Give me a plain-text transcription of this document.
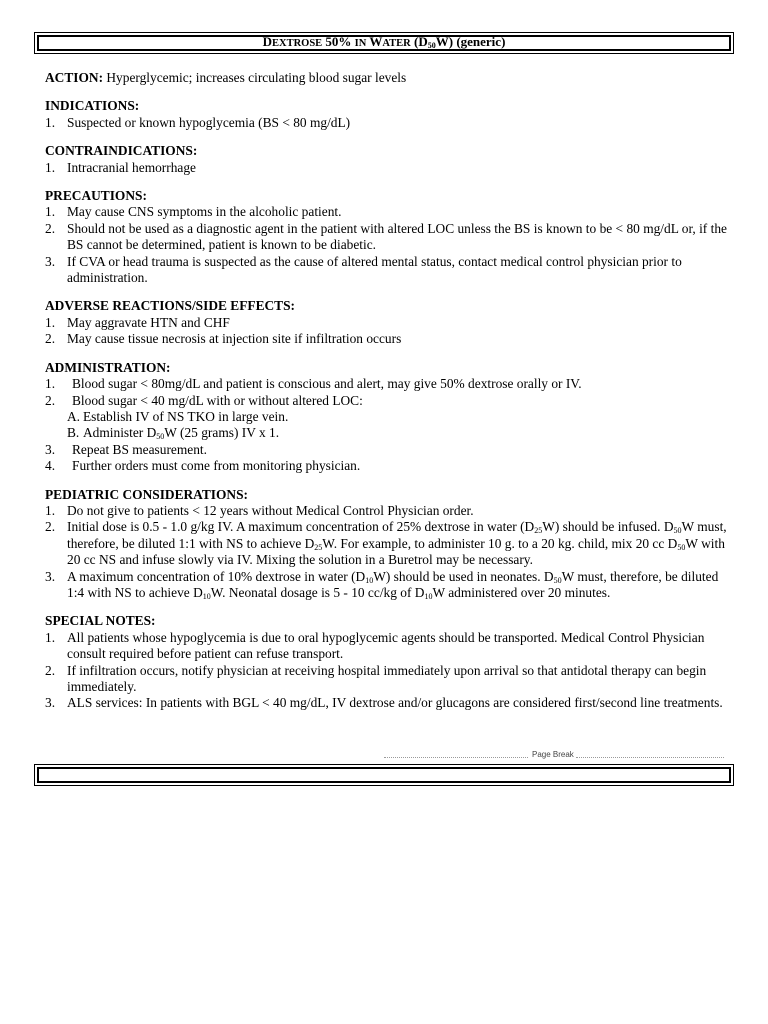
DEXTROSE 50% IN WATER $(D_{50}W)$ (generic)
ACTION: Hyperglycemic; increases circulating blood sugar levels
INDICATIONS:
1. Suspected or known hypoglycemia (BS < 80 mg/dL)
CONTRAINDICATIONS:
1. Intracranial hemorrhage
PRECAUTIONS:
1. May cause CNS symptoms in the alcoholic patient.
2. Should not be used as a diagnostic agent in the patient with altered LOC unless the BS is known to be < 80 mg/dL or, if the BS cannot be determined, patient is known to be diabetic.
3. If CVA or head trauma is suspected as the cause of altered mental status, contact medical control physician prior to administration.
ADVERSE REACTIONS/SIDE EFFECTS:
1. May aggravate HTN and CHF
2. May cause tissue necrosis at injection site if infiltration occurs
ADMINISTRATION:
1. Blood sugar < 80mg/dL and patient is conscious and alert, may give 50% dextrose orally or IV.
2. Blood sugar < 40 mg/dL with or without altered LOC:
A. Establish IV of NS TKO in large vein.
B. Administer $D_{50}W$ (25 grams) IV x 1.
3. Repeat BS measurement.
4. Further orders must come from monitoring physician.
PEDIATRIC CONSIDERATIONS:
1. Do not give to patients < 12 years without Medical Control Physician order.
2. Initial dose is 0.5 - 1.0 g/kg IV. A maximum concentration of 25% dextrose in water $(D_{25}W)$ should be infused. $D_{50}W$ must, therefore, be diluted 1:1 with NS to achieve $D_{25}W$. For example, to administer 10 g. to a 20 kg. child, mix 20 cc $D_{50}W$ with 20 cc NS and infuse slowly via IV. Mixing the solution in a Buretrol may be necessary.
3. A maximum concentration of 10% dextrose in water $(D_{10}W)$ should be used in neonates. $D_{50}W$ must, therefore, be diluted 1:4 with NS to achieve $D_{10}W$. Neonatal dosage is 5 - 10 cc/kg of $D_{10}W$ administered over 20 minutes.
SPECIAL NOTES:
1. All patients whose hypoglycemia is due to oral hypoglycemic agents should be transported. Medical Control Physician consult required before patient can refuse transport.
2. If infiltration occurs, notify physician at receiving hospital immediately upon arrival so that antidotal therapy can begin immediately.
3. ALS services: In patients with BGL < 40 mg/dL, IV dextrose and/or glucagons are considered first/second line treatments.
Page Break
